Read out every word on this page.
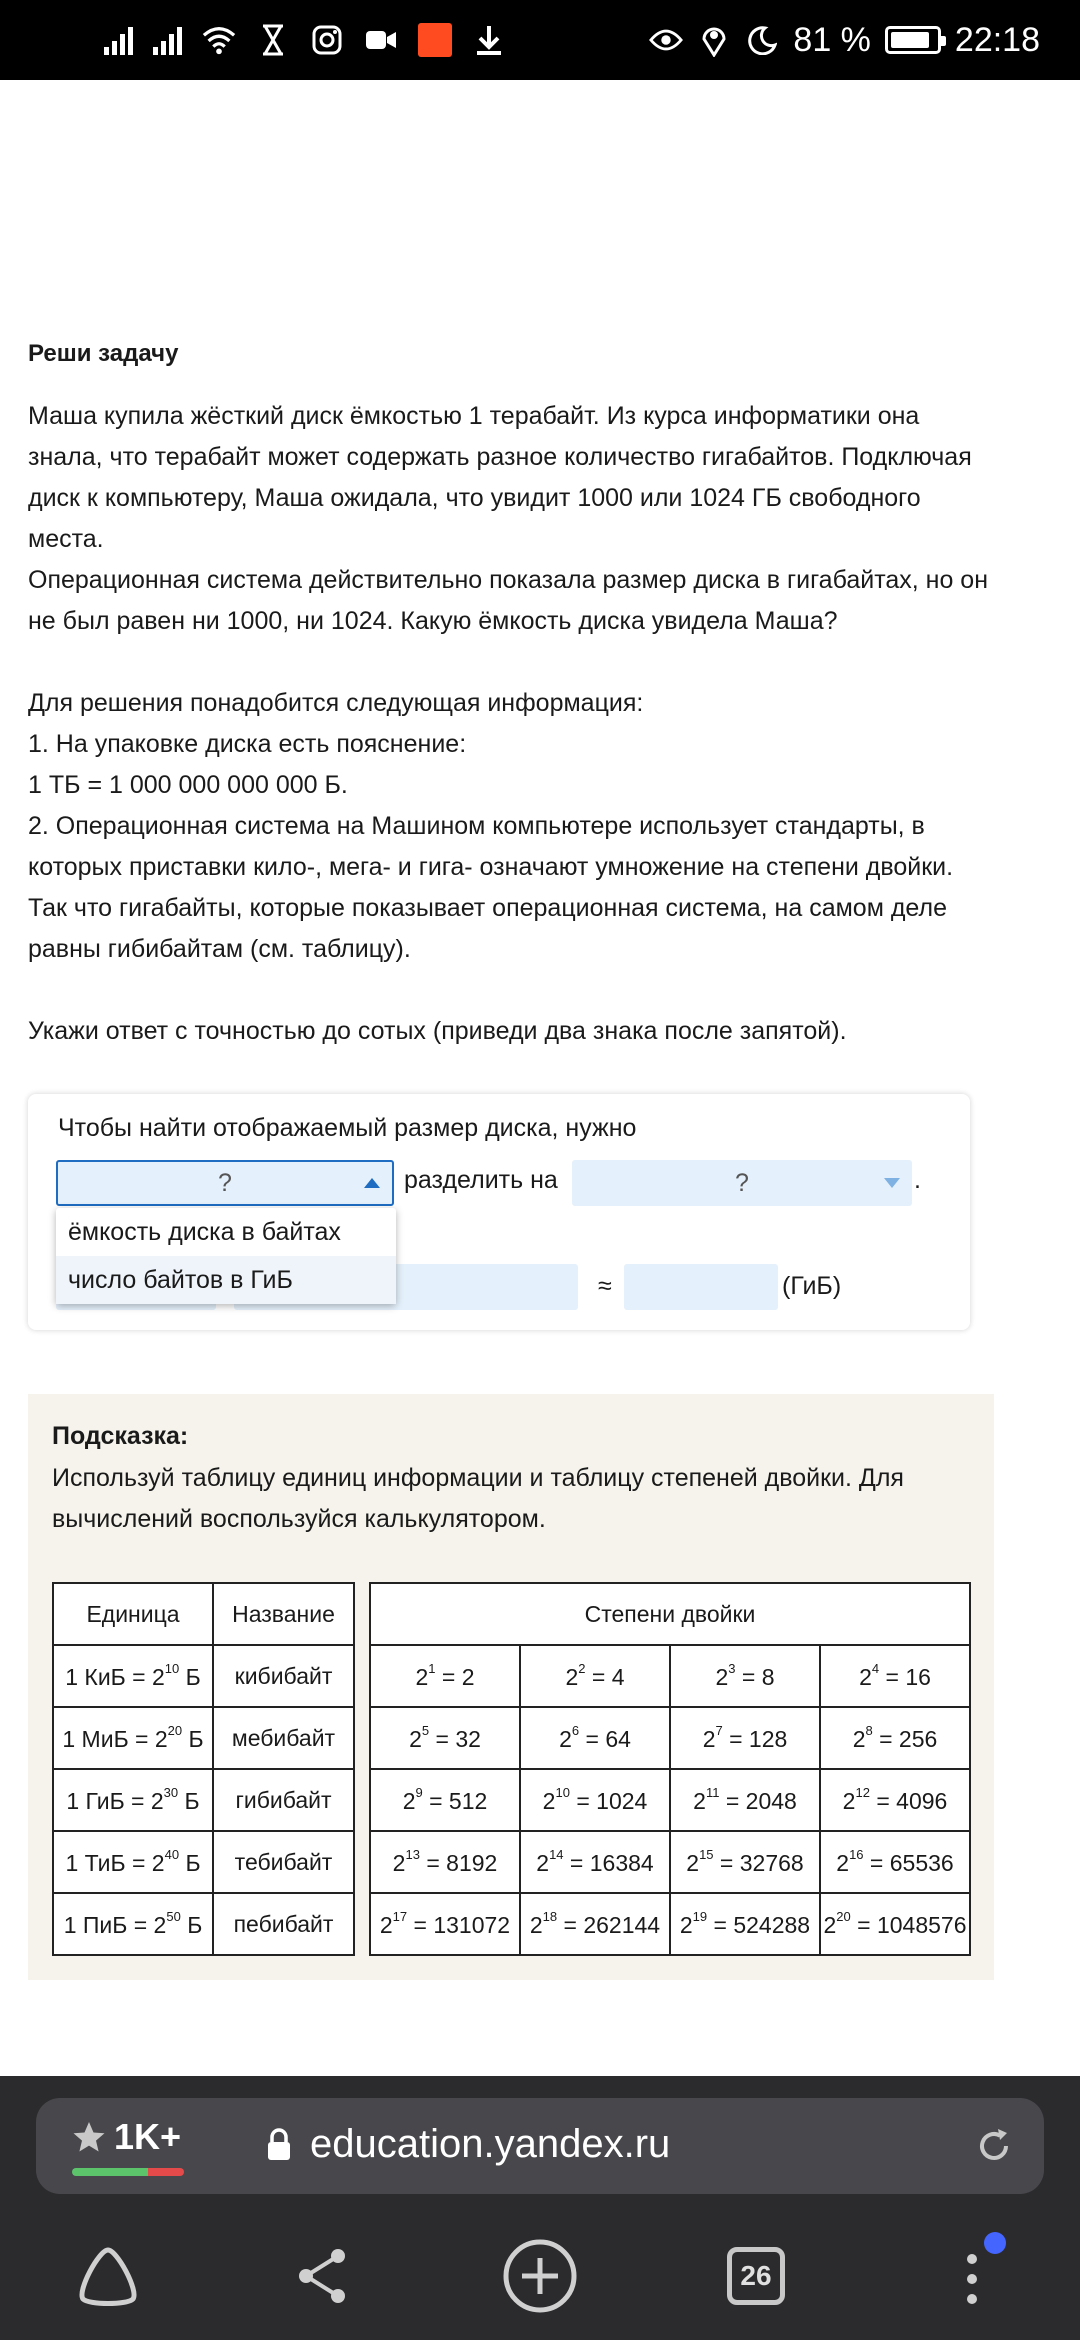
81 % 22:18
Реши задачу
Маша купила жёсткий диск ёмкостью 1 терабайт. Из курса информатики она знала, что терабайт может содержать разное количество гигабайтов. Подключая диск к компьютеру, Маша ожидала, что увидит 1000 или 1024 ГБ свободного места.
Операционная система действительно показала размер диска в гигабайтах, но он не был равен ни 1000, ни 1024. Какую ёмкость диска увидела Маша?
Для решения понадобится следующая информация:
1. На упаковке диска есть пояснение:
1 ТБ = 1 000 000 000 000 Б.
2. Операционная система на Машином компьютере использует стандарты, в которых приставки кило-, мега- и гига- означают умножение на степени двойки. Так что гигабайты, которые показывает операционная система, на самом деле равны гибибайтам (см. таблицу).
Укажи ответ с точностью до сотых (приведи два знака после запятой).
Чтобы найти отображаемый размер диска, нужно
?	разделить на	?	.
≈	(ГиБ)
ёмкость диска в байтах
число байтов в ГиБ
Подсказка:
Используй таблицу единиц информации и таблицу степеней двойки. Для вычислений воспользуйся калькулятором.
Единица	Название
1 КиБ = $2^{10}$ Б	кибибайт
1 МиБ = $2^{20}$ Б	мебибайт
1 ГиБ = $2^{30}$ Б	гибибайт
1 ТиБ = $2^{40}$ Б	тебибайт
1 ПиБ = $2^{50}$ Б	пебибайт
Степени двойки			
$2^1 = 2$	$2^2 = 4$	$2^3 = 8$	$2^4 = 16$
$2^5 = 32$	$2^6 = 64$	$2^7 = 128$	$2^8 = 256$
$2^9 = 512$	$2^{10} = 1024$	$2^{11} = 2048$	$2^{12} = 4096$
$2^{13} = 8192$	$2^{14} = 16384$	$2^{15} = 32768$	$2^{16} = 65536$
$2^{17} = 131072$	$2^{18} = 262144$	$2^{19} = 524288$	$2^{20} = 1048576$
1K+	education.yandex.ru
26
